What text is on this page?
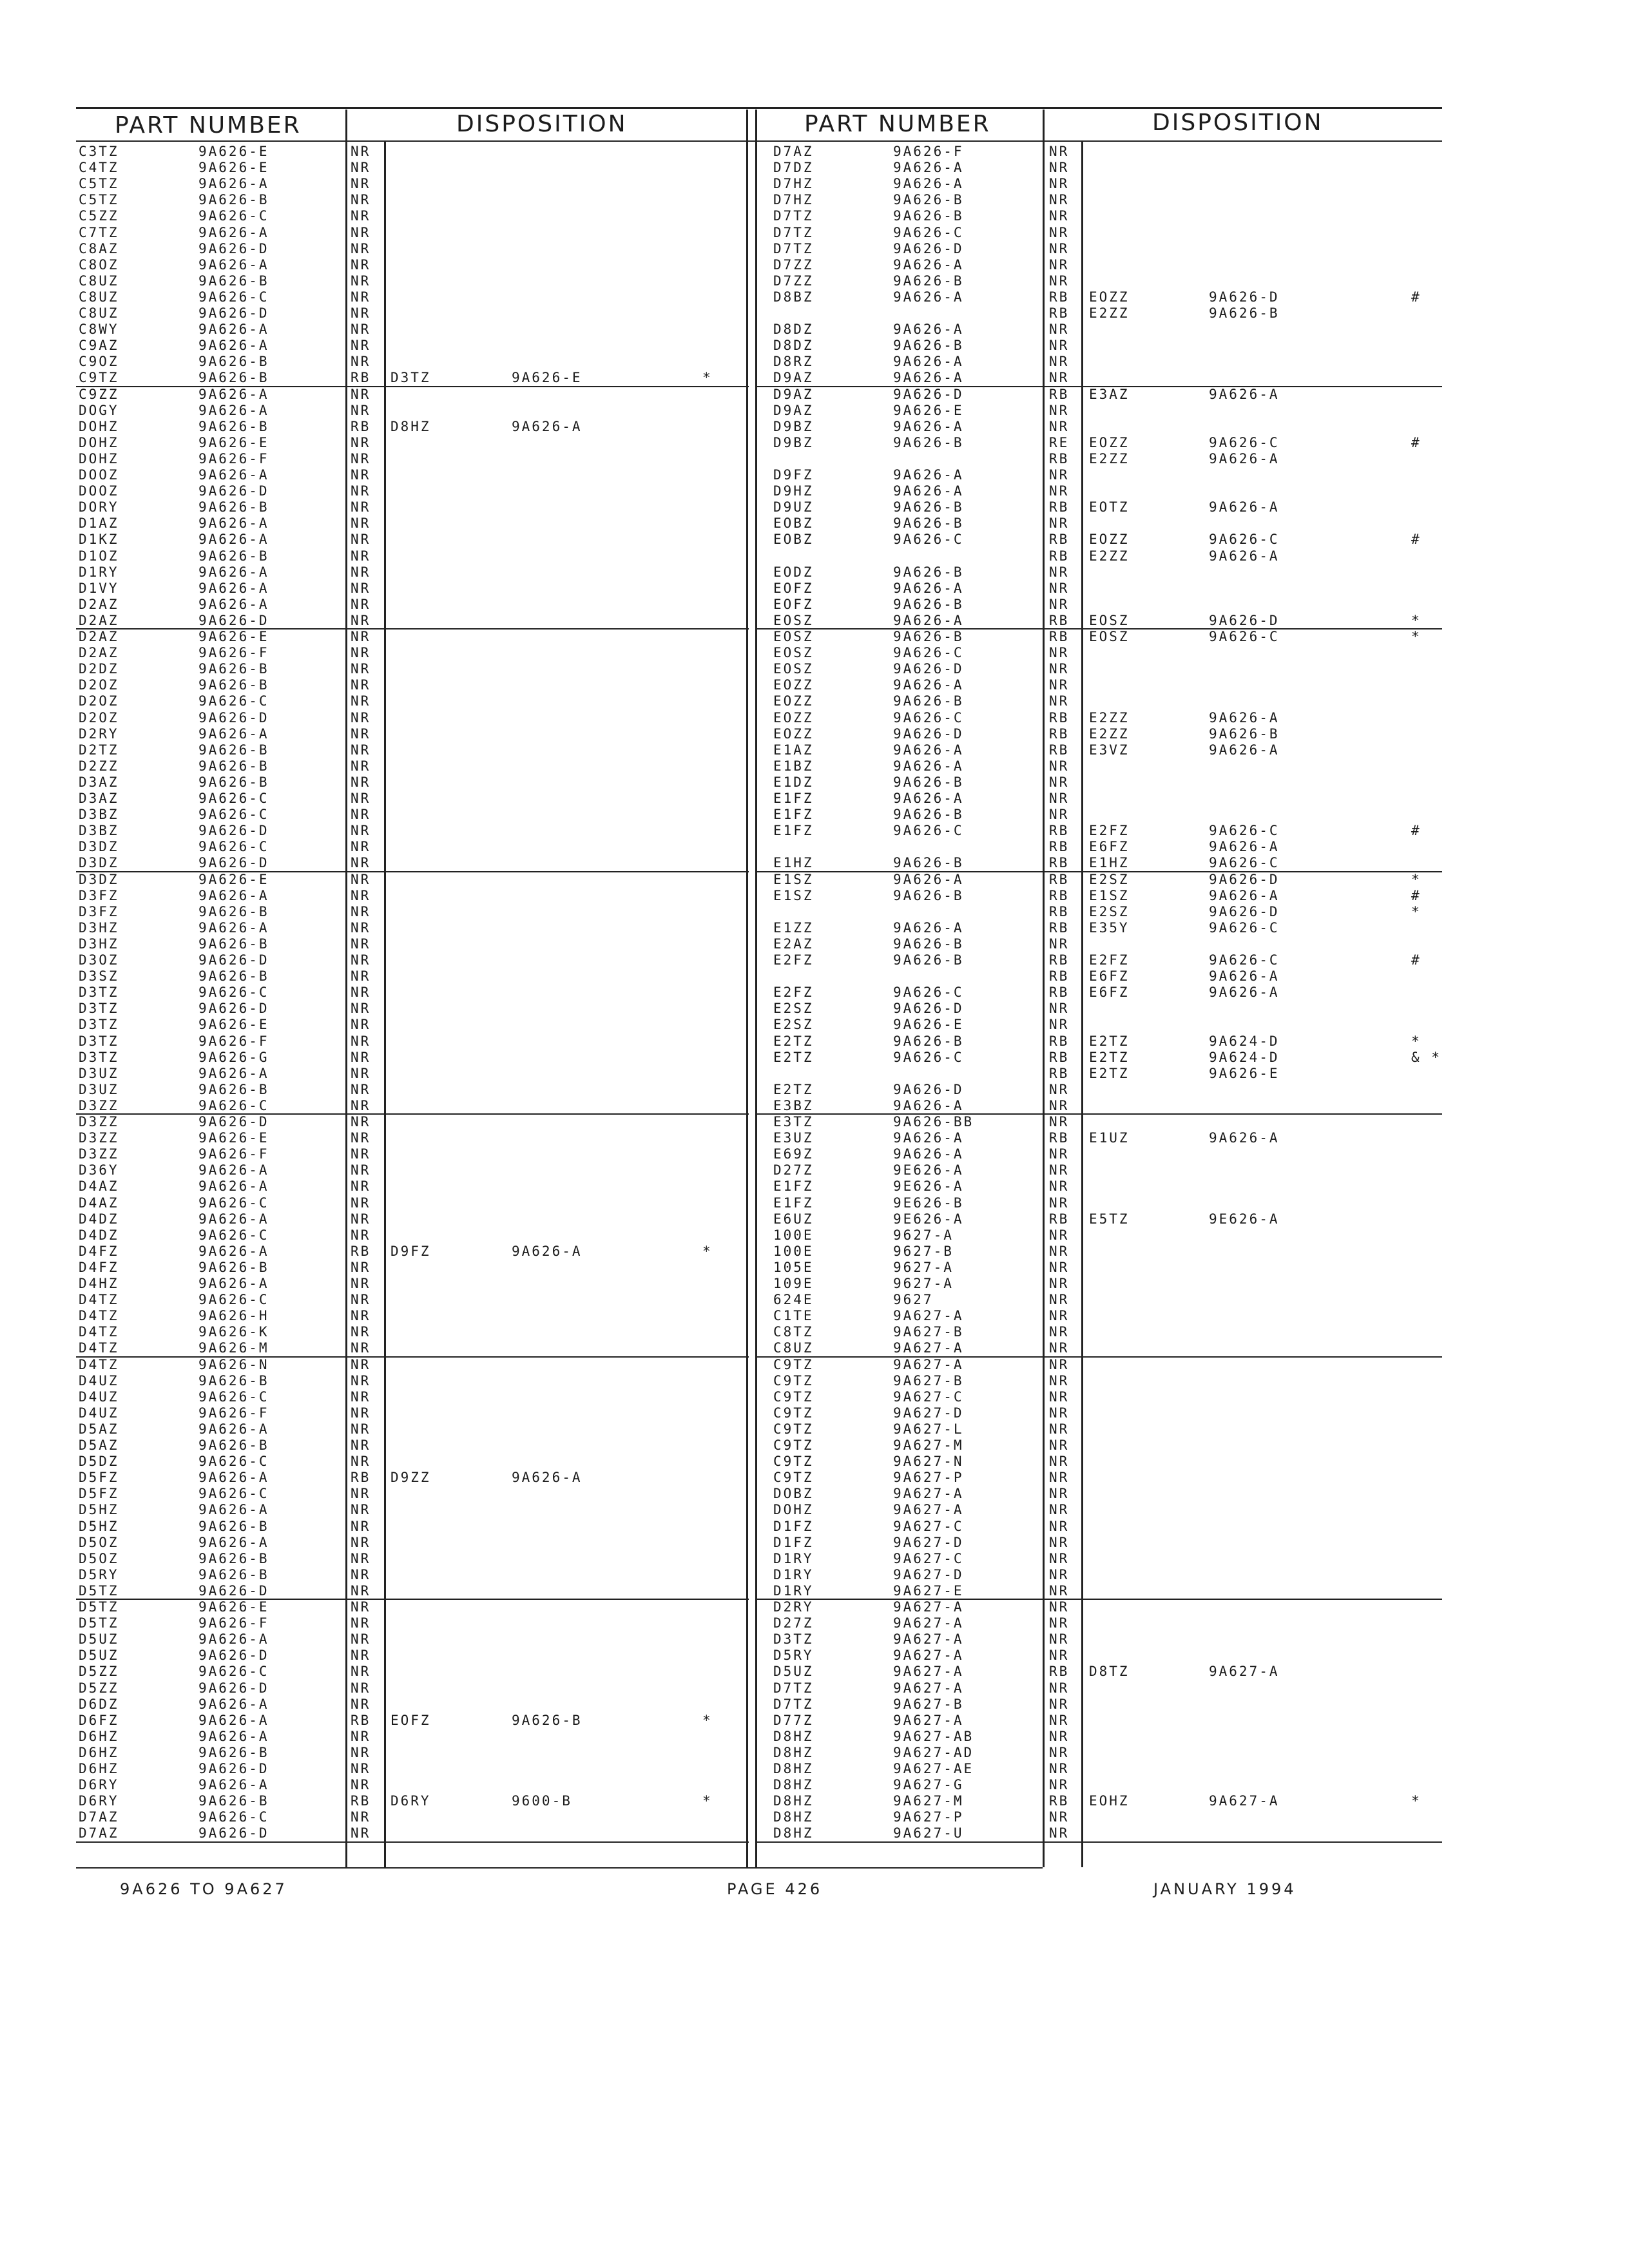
PART NUMBER	DISPOSITION	PART NUMBER	DISPOSITION
C3TZ	9A626-E	NR
C4TZ	9A626-E	NR
C5TZ	9A626-A	NR
C5TZ	9A626-B	NR
C5ZZ	9A626-C	NR
C7TZ	9A626-A	NR
C8AZ	9A626-D	NR
C8OZ	9A626-A	NR
C8UZ	9A626-B	NR
C8UZ	9A626-C	NR
C8UZ	9A626-D	NR
C8WY	9A626-A	NR
C9AZ	9A626-A	NR
C9OZ	9A626-B	NR
C9TZ	9A626-B	RB D3TZ	9A626-E	*
C9ZZ	9A626-A	NR
DOGY	9A626-A	NR
DOHZ	9A626-B	RB D8HZ	9A626-A
DOHZ	9A626-E	NR
DOHZ	9A626-F	NR
DOOZ	9A626-A	NR
DOOZ	9A626-D	NR
DORY	9A626-B	NR
D1AZ	9A626-A	NR
D1KZ	9A626-A	NR
D1OZ	9A626-B	NR
D1RY	9A626-A	NR
D1VY	9A626-A	NR
D2AZ	9A626-A	NR
D2AZ	9A626-D	NR
D2AZ	9A626-E	NR
D2AZ	9A626-F	NR
D2DZ	9A626-B	NR
D2OZ	9A626-B	NR
D2OZ	9A626-C	NR
D2OZ	9A626-D	NR
D2RY	9A626-A	NR
D2TZ	9A626-B	NR
D2ZZ	9A626-B	NR
D3AZ	9A626-B	NR
D3AZ	9A626-C	NR
D3BZ	9A626-C	NR
D3BZ	9A626-D	NR
D3DZ	9A626-C	NR
D3DZ	9A626-D	NR
D3DZ	9A626-E	NR
D3FZ	9A626-A	NR
D3FZ	9A626-B	NR
D3HZ	9A626-A	NR
D3HZ	9A626-B	NR
D3OZ	9A626-D	NR
D3SZ	9A626-B	NR
D3TZ	9A626-C	NR
D3TZ	9A626-D	NR
D3TZ	9A626-E	NR
D3TZ	9A626-F	NR
D3TZ	9A626-G	NR
D3UZ	9A626-A	NR
D3UZ	9A626-B	NR
D3ZZ	9A626-C	NR
D3ZZ	9A626-D	NR
D3ZZ	9A626-E	NR
D3ZZ	9A626-F	NR
D36Y	9A626-A	NR
D4AZ	9A626-A	NR
D4AZ	9A626-C	NR
D4DZ	9A626-A	NR
D4DZ	9A626-C	NR
D4FZ	9A626-A	RB D9FZ	9A626-A	*
D4FZ	9A626-B	NR
D4HZ	9A626-A	NR
D4TZ	9A626-C	NR
D4TZ	9A626-H	NR
D4TZ	9A626-K	NR
D4TZ	9A626-M	NR
D4TZ	9A626-N	NR
D4UZ	9A626-B	NR
D4UZ	9A626-C	NR
D4UZ	9A626-F	NR
D5AZ	9A626-A	NR
D5AZ	9A626-B	NR
D5DZ	9A626-C	NR
D5FZ	9A626-A	RB D9ZZ	9A626-A
D5FZ	9A626-C	NR
D5HZ	9A626-A	NR
D5HZ	9A626-B	NR
D5OZ	9A626-A	NR
D5OZ	9A626-B	NR
D5RY	9A626-B	NR
D5TZ	9A626-D	NR
D5TZ	9A626-E	NR
D5TZ	9A626-F	NR
D5UZ	9A626-A	NR
D5UZ	9A626-D	NR
D5ZZ	9A626-C	NR
D5ZZ	9A626-D	NR
D6DZ	9A626-A	NR
D6FZ	9A626-A	RB EOFZ	9A626-B	*
D6HZ	9A626-A	NR
D6HZ	9A626-B	NR
D6HZ	9A626-D	NR
D6RY	9A626-A	NR
D6RY	9A626-B	RB D6RY	9600-B	*
D7AZ	9A626-C	NR
D7AZ	9A626-D	NR
D7AZ	9A626-F	NR
D7DZ	9A626-A	NR
D7HZ	9A626-A	NR
D7HZ	9A626-B	NR
D7TZ	9A626-B	NR
D7TZ	9A626-C	NR
D7TZ	9A626-D	NR
D7ZZ	9A626-A	NR
D7ZZ	9A626-B	NR
D8BZ	9A626-A	RB EOZZ	9A626-D	#
RB E2ZZ	9A626-B
D8DZ	9A626-A	NR
D8DZ	9A626-B	NR
D8RZ	9A626-A	NR
D9AZ	9A626-A	NR
D9AZ	9A626-D	RB E3AZ	9A626-A
D9AZ	9A626-E	NR
D9BZ	9A626-A	NR
D9BZ	9A626-B	RE EOZZ	9A626-C	#
RB E2ZZ	9A626-A
D9FZ	9A626-A	NR
D9HZ	9A626-A	NR
D9UZ	9A626-B	RB EOTZ	9A626-A
EOBZ	9A626-B	NR
EOBZ	9A626-C	RB EOZZ	9A626-C	#
RB E2ZZ	9A626-A
EODZ	9A626-B	NR
EOFZ	9A626-A	NR
EOFZ	9A626-B	NR
EOSZ	9A626-A	RB EOSZ	9A626-D	*
EOSZ	9A626-B	RB EOSZ	9A626-C	*
EOSZ	9A626-C	NR
EOSZ	9A626-D	NR
EOZZ	9A626-A	NR
EOZZ	9A626-B	NR
EOZZ	9A626-C	RB E2ZZ	9A626-A
EOZZ	9A626-D	RB E2ZZ	9A626-B
E1AZ	9A626-A	RB E3VZ	9A626-A
E1BZ	9A626-A	NR
E1DZ	9A626-B	NR
E1FZ	9A626-A	NR
E1FZ	9A626-B	NR
E1FZ	9A626-C	RB E2FZ	9A626-C	#
RB E6FZ	9A626-A
E1HZ	9A626-B	RB E1HZ	9A626-C
E1SZ	9A626-A	RB E2SZ	9A626-D	*
E1SZ	9A626-B	RB E1SZ	9A626-A	#
RB E2SZ	9A626-D	*
E1ZZ	9A626-A	RB E35Y	9A626-C
E2AZ	9A626-B	NR
E2FZ	9A626-B	RB E2FZ	9A626-C	#
RB E6FZ	9A626-A
E2FZ	9A626-C	RB E6FZ	9A626-A
E2SZ	9A626-D	NR
E2SZ	9A626-E	NR
E2TZ	9A626-B	RB E2TZ	9A624-D	*
E2TZ	9A626-C	RB E2TZ	9A624-D	& *
RB E2TZ	9A626-E
E2TZ	9A626-D	NR
E3BZ	9A626-A	NR
E3TZ	9A626-BB	NR
E3UZ	9A626-A	RB E1UZ	9A626-A
E69Z	9A626-A	NR
D27Z	9E626-A	NR
E1FZ	9E626-A	NR
E1FZ	9E626-B	NR
E6UZ	9E626-A	RB E5TZ	9E626-A
100E	9627-A	NR
100E	9627-B	NR
105E	9627-A	NR
109E	9627-A	NR
624E	9627	NR
C1TE	9A627-A	NR
C8TZ	9A627-B	NR
C8UZ	9A627-A	NR
C9TZ	9A627-A	NR
C9TZ	9A627-B	NR
C9TZ	9A627-C	NR
C9TZ	9A627-D	NR
C9TZ	9A627-L	NR
C9TZ	9A627-M	NR
C9TZ	9A627-N	NR
C9TZ	9A627-P	NR
DOBZ	9A627-A	NR
DOHZ	9A627-A	NR
D1FZ	9A627-C	NR
D1FZ	9A627-D	NR
D1RY	9A627-C	NR
D1RY	9A627-D	NR
D1RY	9A627-E	NR
D2RY	9A627-A	NR
D27Z	9A627-A	NR
D3TZ	9A627-A	NR
D5RY	9A627-A	NR
D5UZ	9A627-A	RB D8TZ	9A627-A
D7TZ	9A627-A	NR
D7TZ	9A627-B	NR
D77Z	9A627-A	NR
D8HZ	9A627-AB	NR
D8HZ	9A627-AD	NR
D8HZ	9A627-AE	NR
D8HZ	9A627-G	NR
D8HZ	9A627-M	RB EOHZ	9A627-A	*
D8HZ	9A627-P	NR
D8HZ	9A627-U	NR
9A626 TO 9A627	PAGE 426	JANUARY 1994
